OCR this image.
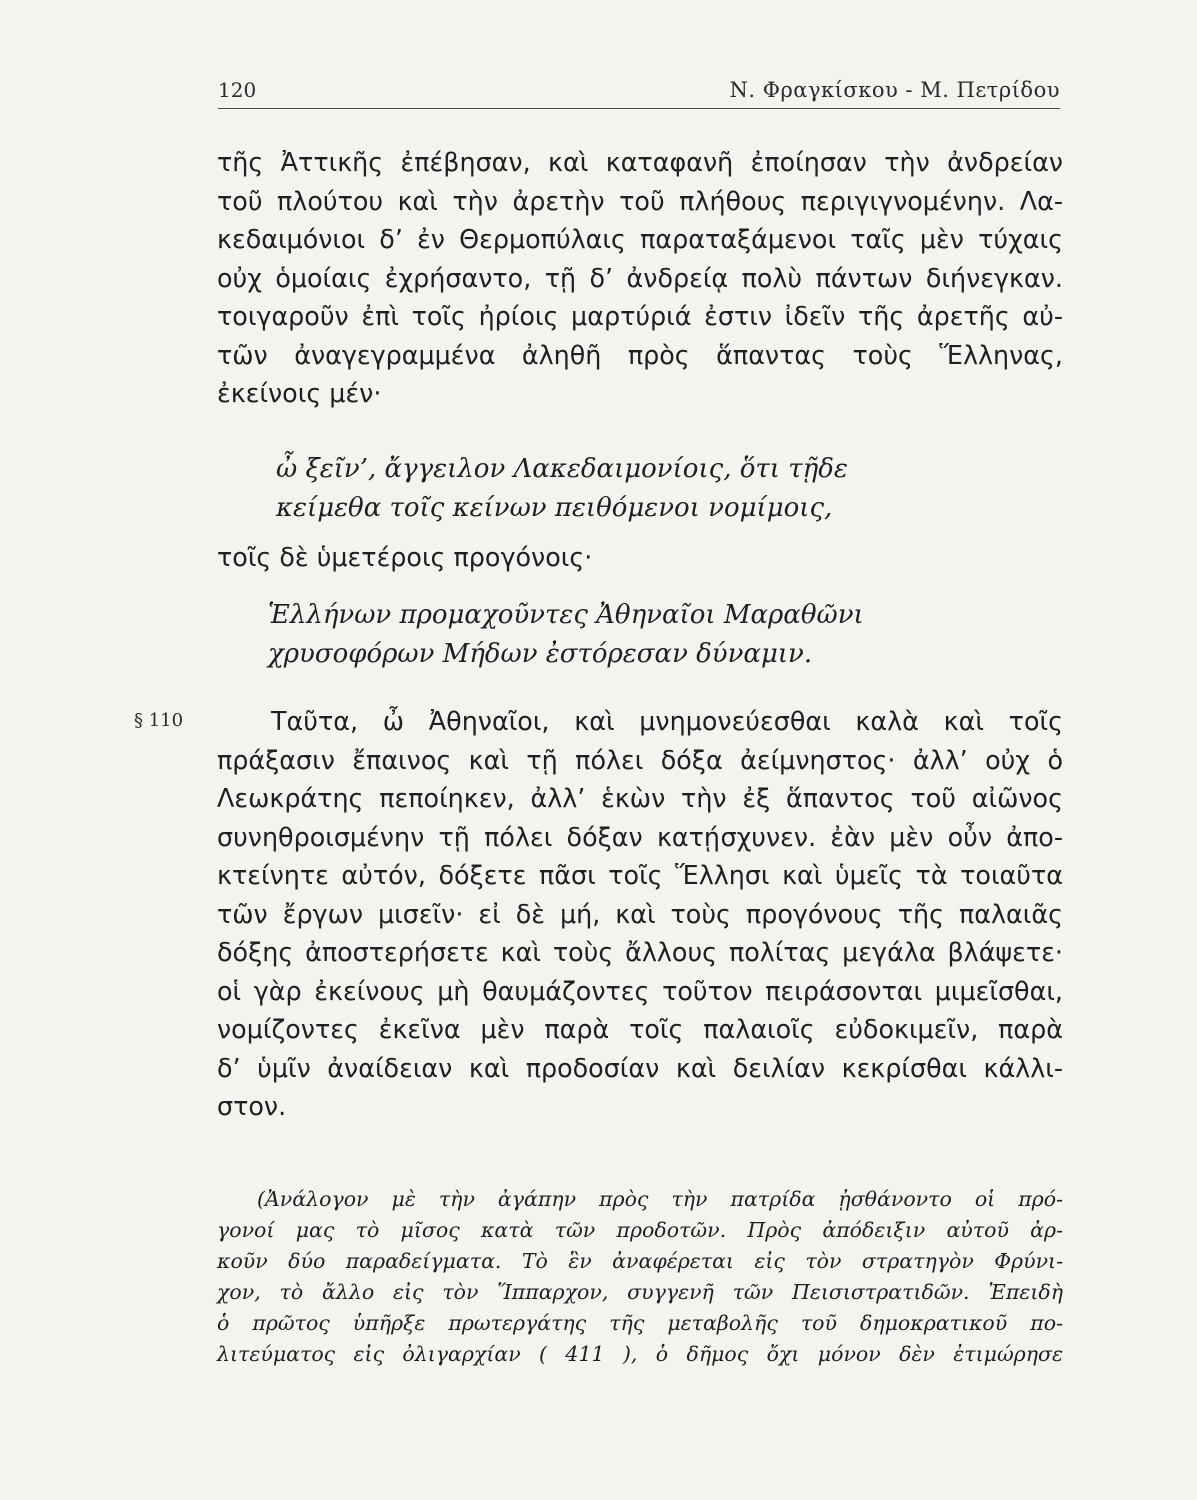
120	Ν. Φραγκίσκου - Μ. Πετρίδου
τῆς Ἀττικῆς ἐπέβησαν, καὶ καταφανῆ ἐποίησαν τὴν ἀνδρείαν
τοῦ πλούτου καὶ τὴν ἀρετὴν τοῦ πλήθους περιγιγνομένην. Λα-
κεδαιμόνιοι δ’ ἐν Θερμοπύλαις παραταξάμενοι ταῖς μὲν τύχαις
οὐχ ὁμοίαις ἐχρήσαντο, τῇ δ’ ἀνδρείᾳ πολὺ πάντων διήνεγκαν.
τοιγαροῦν ἐπὶ τοῖς ἠρίοις μαρτύριά ἐστιν ἰδεῖν τῆς ἀρετῆς αὐ-
τῶν ἀναγεγραμμένα ἀληθῆ πρὸς ἅπαντας τοὺς Ἕλληνας,
ἐκείνοις μέν·
ὦ ξεῖν’, ἄγγειλον Λακεδαιμονίοις, ὅτι τῇδε
κείμεθα τοῖς κείνων πειθόμενοι νομίμοις,
τοῖς δὲ ὑμετέροις προγόνοις·
Ἑλλήνων προμαχοῦντες Ἀθηναῖοι Μαραθῶνι
χρυσοφόρων Μήδων ἐστόρεσαν δύναμιν.
§ 110	Ταῦτα, ὦ Ἀθηναῖοι, καὶ μνημονεύεσθαι καλὰ καὶ τοῖς
πράξασιν ἔπαινος καὶ τῇ πόλει δόξα ἀείμνηστος· ἀλλ’ οὐχ ὁ
Λεωκράτης πεποίηκεν, ἀλλ’ ἑκὼν τὴν ἐξ ἅπαντος τοῦ αἰῶνος
συνηθροισμένην τῇ πόλει δόξαν κατῄσχυνεν. ἐὰν μὲν οὖν ἀπο-
κτείνητε αὐτόν, δόξετε πᾶσι τοῖς Ἕλλησι καὶ ὑμεῖς τὰ τοιαῦτα
τῶν ἔργων μισεῖν· εἰ δὲ μή, καὶ τοὺς προγόνους τῆς παλαιᾶς
δόξης ἀποστερήσετε καὶ τοὺς ἄλλους πολίτας μεγάλα βλάψετε·
οἱ γὰρ ἐκείνους μὴ θαυμάζοντες τοῦτον πειράσονται μιμεῖσθαι,
νομίζοντες ἐκεῖνα μὲν παρὰ τοῖς παλαιοῖς εὐδοκιμεῖν, παρὰ
δ’ ὑμῖν ἀναίδειαν καὶ προδοσίαν καὶ δειλίαν κεκρίσθαι κάλλι-
στον.
(Ἀνάλογον μὲ τὴν ἀγάπην πρὸς τὴν πατρίδα ᾐσθάνοντο οἱ πρό-
γονοί μας τὸ μῖσος κατὰ τῶν προδοτῶν. Πρὸς ἀπόδειξιν αὐτοῦ ἀρ-
κοῦν δύο παραδείγματα. Τὸ ἓν ἀναφέρεται εἰς τὸν στρατηγὸν Φρύνι-
χον, τὸ ἄλλο εἰς τὸν Ἵππαρχον, συγγενῆ τῶν Πεισιστρατιδῶν. Ἐπειδὴ
ὁ πρῶτος ὑπῆρξε πρωτεργάτης τῆς μεταβολῆς τοῦ δημοκρατικοῦ πο-
λιτεύματος εἰς ὀλιγαρχίαν ( 411 ), ὁ δῆμος ὄχι μόνον δὲν ἐτιμώρησε
